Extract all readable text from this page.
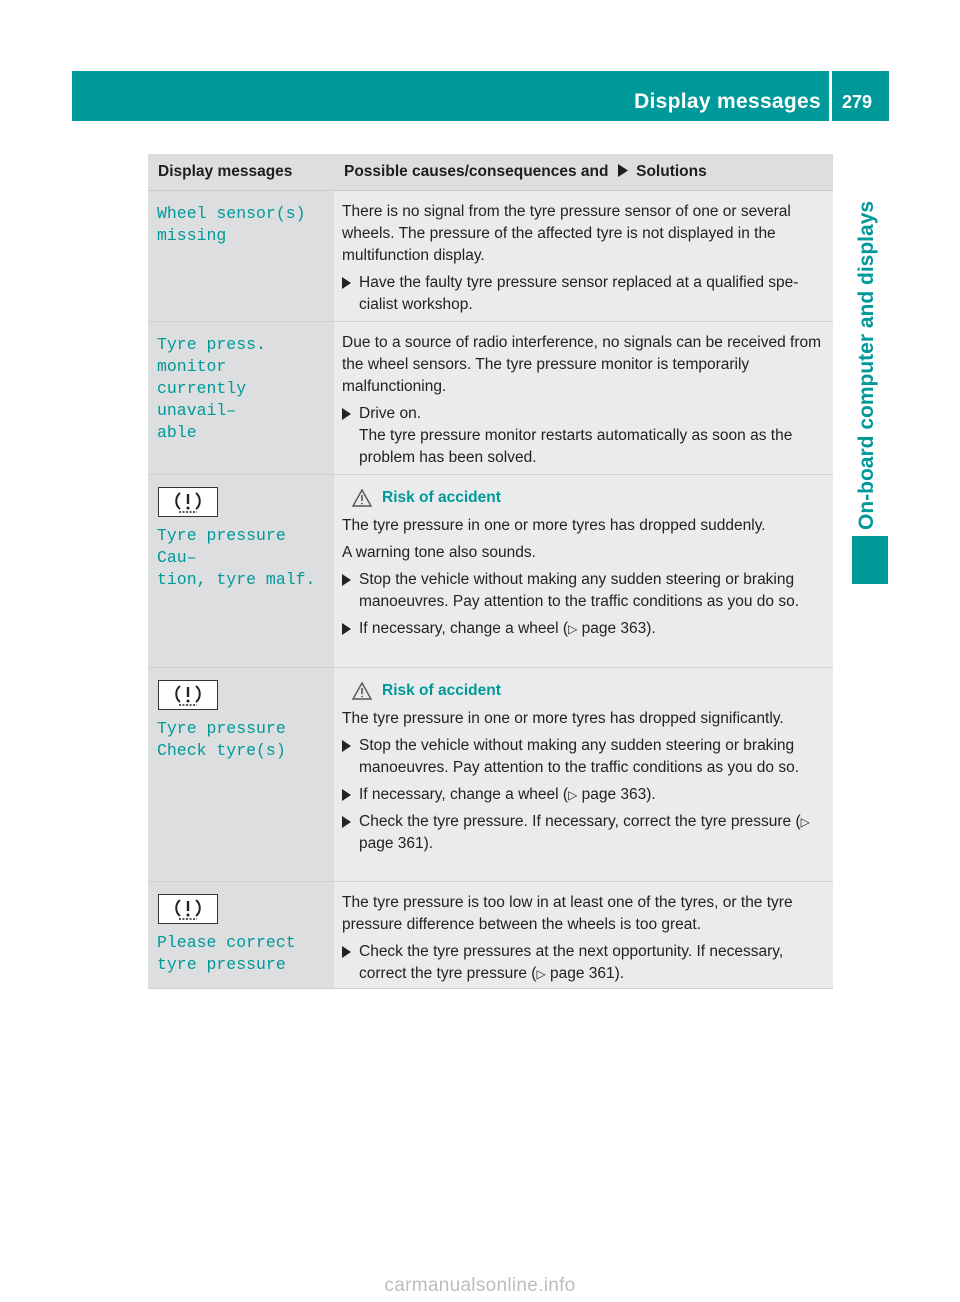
Display messages 279
On-board computer and displays
Display messages	Possible causes/consequences and Solutions
Wheel sensor(s)
missing

There is no signal from the tyre pressure sensor of one or several wheels. The pressure of the affected tyre is not displayed in the multifunction display.

Have the faulty tyre pressure sensor replaced at a qualified spe-cialist workshop.
Tyre press. monitor
currently unavail–
able

Due to a source of radio interference, no signals can be received from the wheel sensors. The tyre pressure monitor is temporarily malfunctioning.

Drive on.
The tyre pressure monitor restarts automatically as soon as the problem has been solved.
Tyre pressure Cau–
tion, tyre malf.
Risk of accident

The tyre pressure in one or more tyres has dropped suddenly.

A warning tone also sounds.

Stop the vehicle without making any sudden steering or braking manoeuvres. Pay attention to the traffic conditions as you do so.
If necessary, change a wheel (▷ page 363).
Tyre pressure
Check tyre(s)
Risk of accident

The tyre pressure in one or more tyres has dropped significantly.

Stop the vehicle without making any sudden steering or braking manoeuvres. Pay attention to the traffic conditions as you do so.
If necessary, change a wheel (▷ page 363).
Check the tyre pressure. If necessary, correct the tyre pressure (▷ page 361).
Please correct
tyre pressure

The tyre pressure is too low in at least one of the tyres, or the tyre pressure difference between the wheels is too great.

Check the tyre pressures at the next opportunity. If necessary, correct the tyre pressure (▷ page 361).
carmanualsonline.info
